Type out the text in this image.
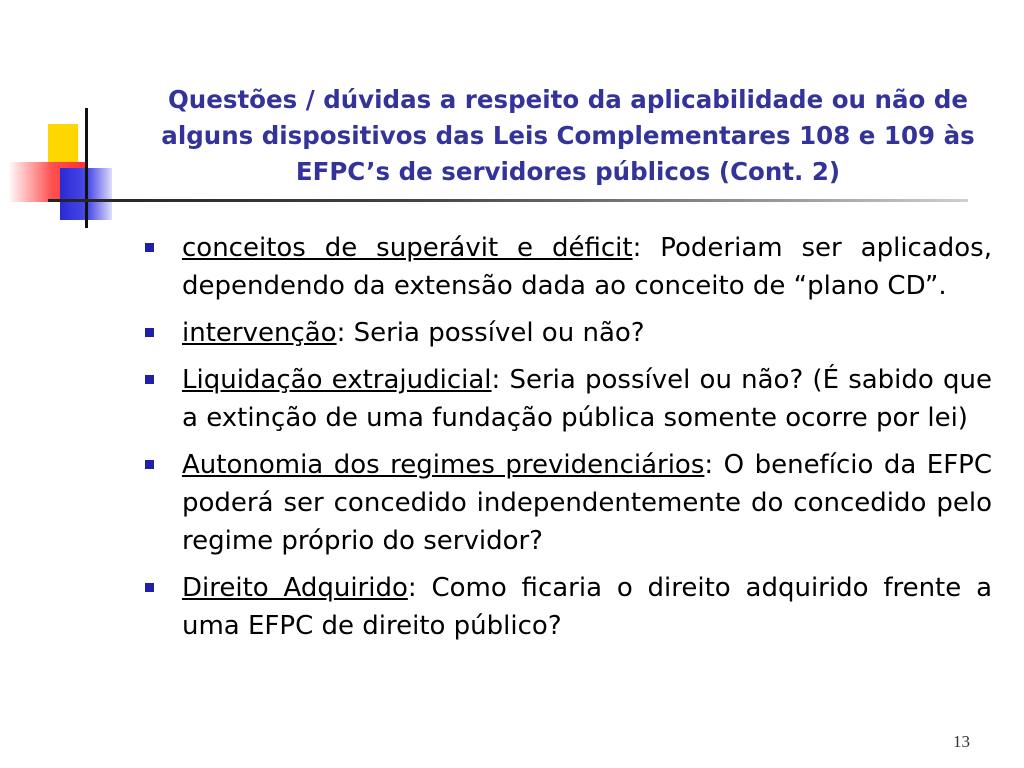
Questões / dúvidas a respeito da aplicabilidade ou não de alguns dispositivos das Leis Complementares 108 e 109 às EFPC’s de servidores públicos (Cont. 2)
conceitos de superávit e déficit: Poderiam ser aplicados, dependendo da extensão dada ao conceito de “plano CD”.
intervenção: Seria possível ou não?
Liquidação extrajudicial: Seria possível ou não? (É sabido que a extinção de uma fundação pública somente ocorre por lei)
Autonomia dos regimes previdenciários: O benefício da EFPC poderá ser concedido independentemente do concedido pelo regime próprio do servidor?
Direito Adquirido: Como ficaria o direito adquirido frente a uma EFPC de direito público?
13
